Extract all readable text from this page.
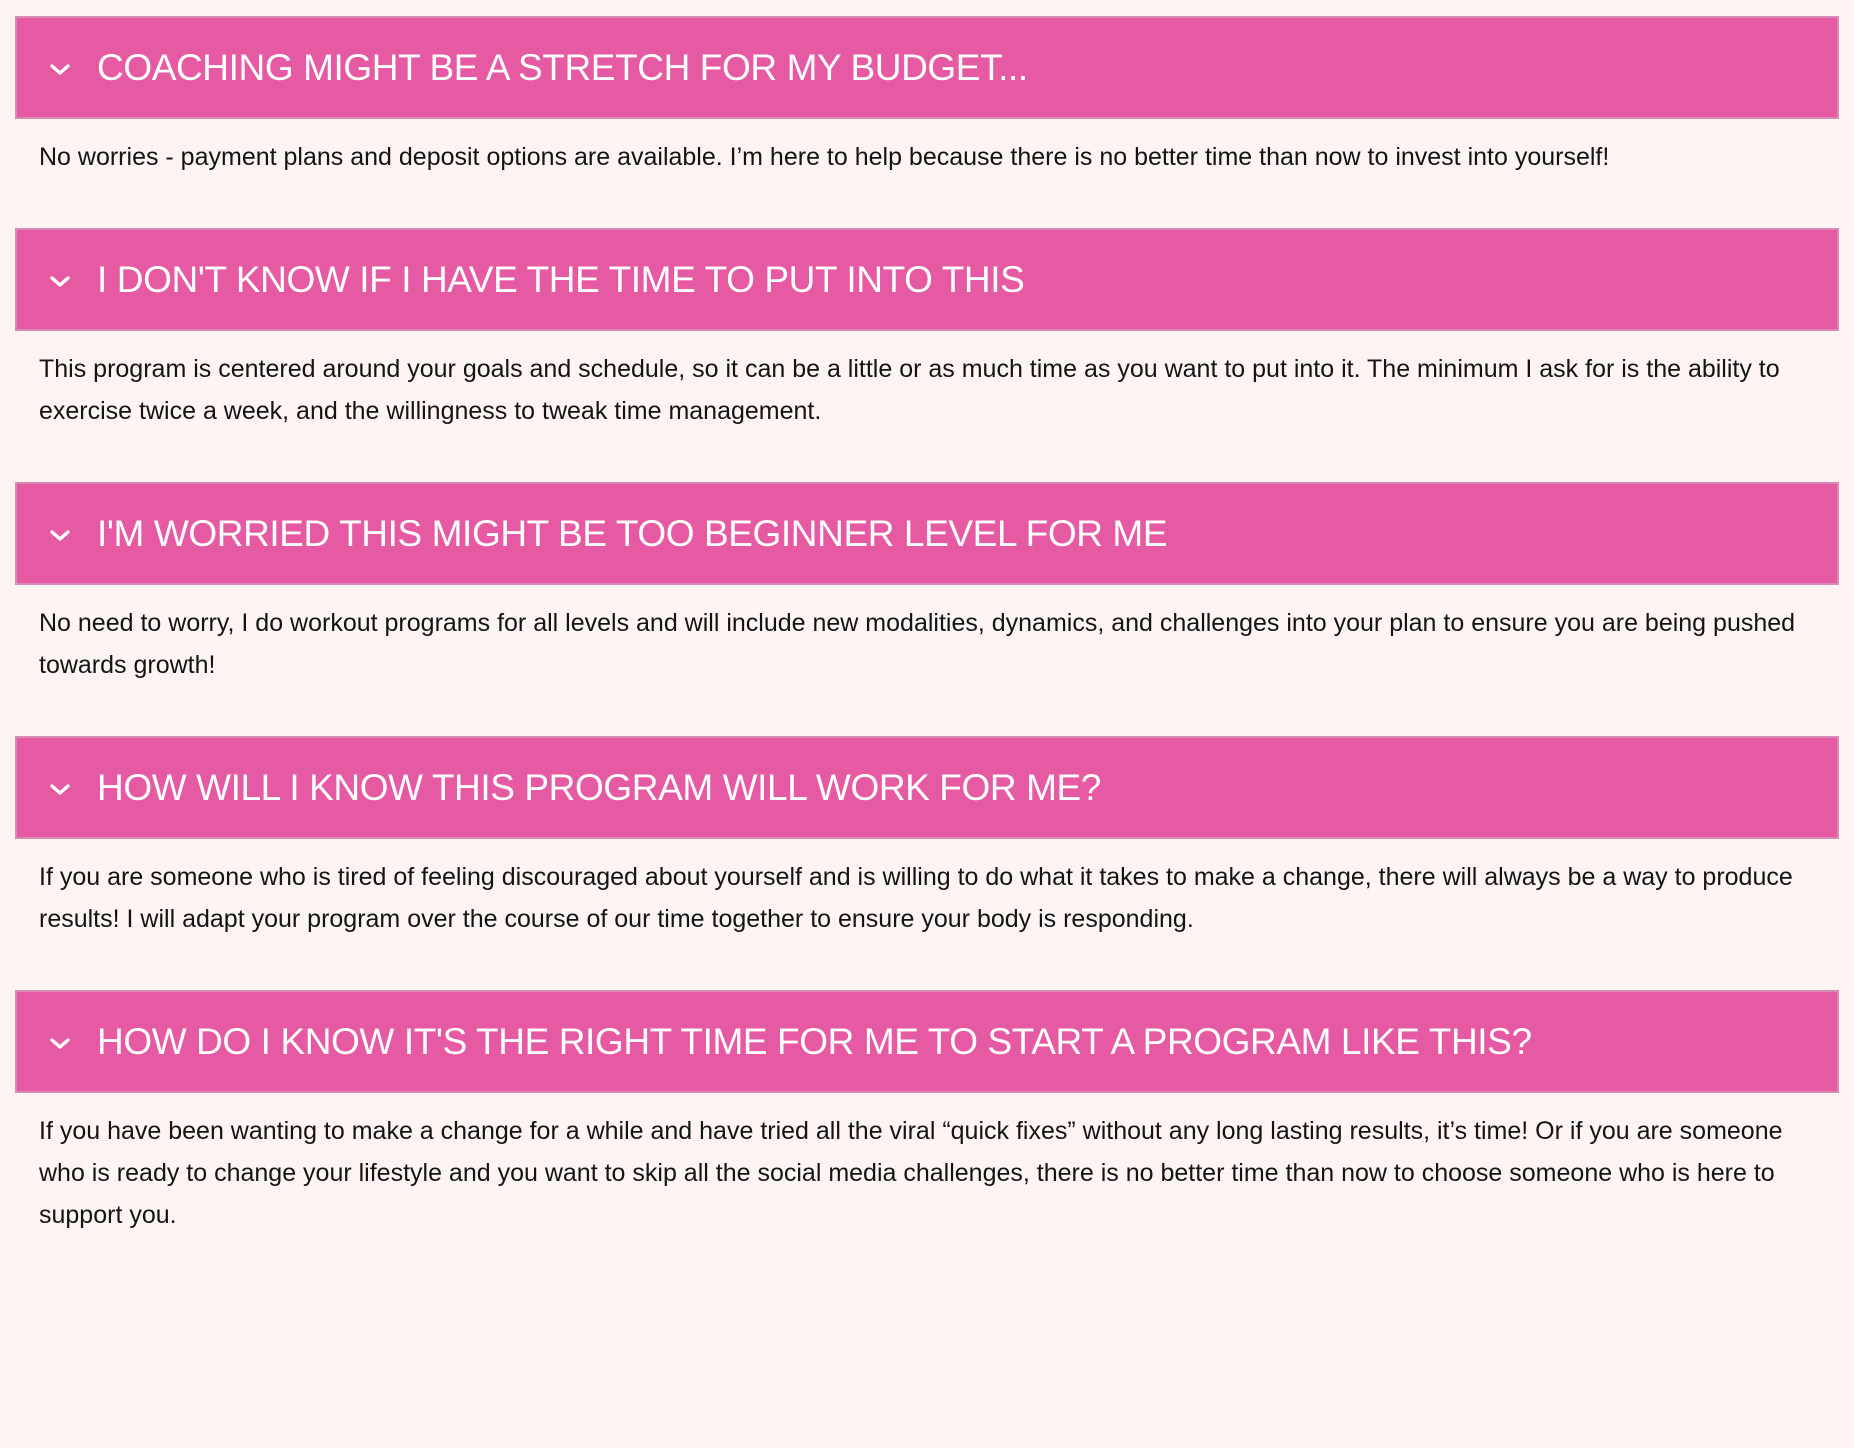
COACHING MIGHT BE A STRETCH FOR MY BUDGET...

No worries - payment plans and deposit options are available. I’m here to help because there is no better time than now to invest into yourself!

I DON'T KNOW IF I HAVE THE TIME TO PUT INTO THIS

This program is centered around your goals and schedule, so it can be a little or as much time as you want to put into it. The minimum I ask for is the ability to exercise twice a week, and the willingness to tweak time management.

I'M WORRIED THIS MIGHT BE TOO BEGINNER LEVEL FOR ME

No need to worry, I do workout programs for all levels and will include new modalities, dynamics, and challenges into your plan to ensure you are being pushed towards growth!

HOW WILL I KNOW THIS PROGRAM WILL WORK FOR ME?

If you are someone who is tired of feeling discouraged about yourself and is willing to do what it takes to make a change, there will always be a way to produce results! I will adapt your program over the course of our time together to ensure your body is responding.

HOW DO I KNOW IT'S THE RIGHT TIME FOR ME TO START A PROGRAM LIKE THIS?

If you have been wanting to make a change for a while and have tried all the viral “quick fixes” without any long lasting results, it’s time! Or if you are someone who is ready to change your lifestyle and you want to skip all the social media challenges, there is no better time than now to choose someone who is here to support you.
